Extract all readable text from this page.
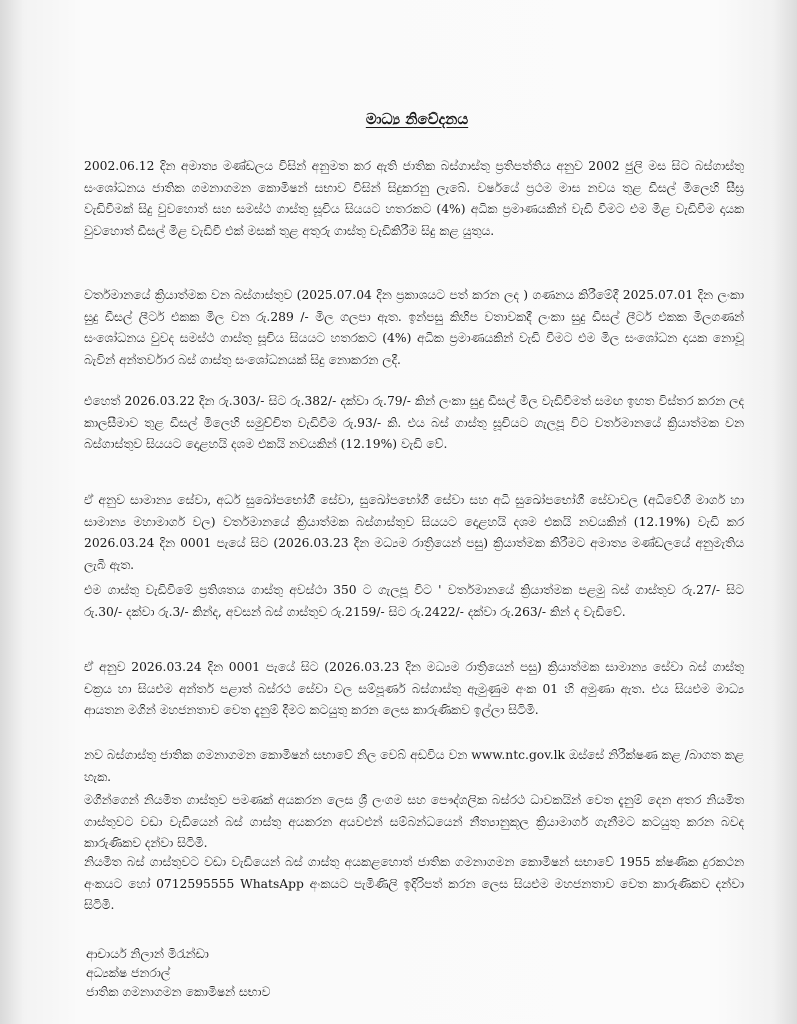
මාධ්‍ය නිවේදනය
2002.06.12 දින අමාත්‍ය මණ්ඩලය විසින් අනුමත කර ඇති ජාතික බස්ගාස්තු ප්‍රතිපත්තිය අනුව 2002 ජුලි මස සිට බස්ගාස්තු සංශෝධනය ජාතික ගමනාගමන කොමිෂන් සභාව විසින් සිදුකරනු ලැබේ. වර්ෂයේ ප්‍රථම මාස නවය තුළ ඩීසල් මිලෙහි සීඝ්‍ර වැඩිවීමක් සිදු වුවහොත් සහ සමස්ථ ගාස්තු සූචිය සියයට හතරකට (4%) අධික ප්‍රමාණයකින් වැඩි වීමට එම මිළ වැඩිවීම දායක වුවහොත් ඩීසල් මිළ වැඩිවී එක් මසක් තුළ අතුරු ගාස්තු වැඩිකිරීම සිදු කළ යුතුය.
වර්තමානයේ ක්‍රියාත්මක වන බස්ගාස්තුව (2025.07.04 දින ප්‍රකාශයට පත් කරන ලද ) ගණනය කිරීමේදී 2025.07.01 දින ලංකා සුදු ඩීසල් ලීටර් එකක මිල වන රු.289 /- මිල ගලපා ඇත. ඉන්පසු කිහිප වතාවකදී ලංකා සුදු ඩීසල් ලීටර් එකක මිලගණන් සංශෝධනය වුවද සමස්ථ ගාස්තු සූචිය සියයට හතරකට (4%) අධික ප්‍රමාණයකින් වැඩි වීමට එම මිල සංශෝධන දායක නොවූ බැවින් අන්තර්වාර බස් ගාස්තු සංශෝධනයක් සිදු නොකරන ලදී.
එහෙත් 2026.03.22 දින රු.303/- සිට රු.382/- දක්වා රු.79/- කින් ලංකා සුදු ඩීසල් මිල වැඩිවීමත් සමඟ ඉහත විස්තර කරන ලද කාලසීමාව තුළ ඩීසල් මිලෙහි සමුච්චිත වැඩිවීම රු.93/- කි. එය බස් ගාස්තු සූචියට ගැලපූ විට වර්තමානයේ ක්‍රියාත්මක වන බස්ගාස්තුව සියයට දොළහයි දශම එකයි නවයකින් (12.19%) වැඩි වේ.
ඒ අනුව සාමාන්‍ය සේවා, අර්ධ සුඛෝපභෝගී සේවා, සුඛෝපභෝගී සේවා සහ අධි සුඛෝපභෝගී සේවාවල (අධිවේගී මාර්ග හා සාමාන්‍ය මහාමාර්ග වල) වර්තමානයේ ක්‍රියාත්මක බස්ගාස්තුව සියයට දොළහයි දශම එකයි නවයකින් (12.19%) වැඩි කර 2026.03.24 දින 0001 පැයේ සිට (2026.03.23 දින මධ්‍යම රාත්‍රියෙන් පසු) ක්‍රියාත්මක කිරීමට අමාත්‍ය මණ්ඩලයේ අනුමැතිය ලැබී ඇත.
එම ගාස්තු වැඩිවීමේ ප්‍රතිශතය ගාස්තු අවස්ථා 350 ට ගැලපූ විට ' වර්තමානයේ ක්‍රියාත්මක පළමු බස් ගාස්තුව රු.27/- සිට රු.30/- දක්වා රු.3/- කින්ද, අවසන් බස් ගාස්තුව රු.2159/- සිට රු.2422/- දක්වා රු.263/- කින් ද වැඩිවේ.
ඒ අනුව 2026.03.24 දින 0001 පැයේ සිට (2026.03.23 දින මධ්‍යම රාත්‍රියෙන් පසු) ක්‍රියාත්මක සාමාන්‍ය සේවා බස් ගාස්තු චක්‍රය හා සියළුම අන්තර් පළාත් බස්රථ සේවා වල සම්පූර්ණ බස්ගාස්තු ඇමුණුම අංක 01 හි අමුණා ඇත. එය සියළුම මාධ්‍ය ආයතන මගින් මහජනතාව වෙත දැනුම් දීමට කටයුතු කරන ලෙස කාරුණිකව ඉල්ලා සිටිමි.
නව බස්ගාස්තු ජාතික ගමනාගමන කොමිෂන් සභාවේ නිල වෙබ් අඩවිය වන www.ntc.gov.lk ඔස්සේ නිරීක්ෂණ කළ /බාගත කළ හැක.
මගීන්ගෙන් නියමිත ගාස්තුව පමණක් අයකරන ලෙස ශ්‍රී ලංගම සහ පෞද්ගලික බස්රථ ධාවකයින් වෙත දැනුම් දෙන අතර නියමිත ගාස්තුවට වඩා වැඩියෙන් බස් ගාස්තු අයකරන අයවළුන් සම්බන්ධයෙන් නීත්‍යානුකූල ක්‍රියාමාර්ග ගැනීමට කටයුතු කරන බවද කාරුණිකව දන්වා සිටිමි.
නියමිත බස් ගාස්තුවට වඩා වැඩියෙන් බස් ගාස්තු අයකළහොත් ජාතික ගමනාගමන කොමිෂන් සභාවේ 1955 ක්ෂණික දුරකථන අංකයට හෝ 0712595555 WhatsApp අංකයට පැමිණිලි ඉදිරිපත් කරන ලෙස සියළුම මහජනතාව වෙත කාරුණිකව දන්වා සිටිමි.
ආචාර්ය නිලාන් මිරැන්ඩා
අධ්‍යක්ෂ ජනරාල්
ජාතික ගමනාගමන කොමිෂන් සභාව
